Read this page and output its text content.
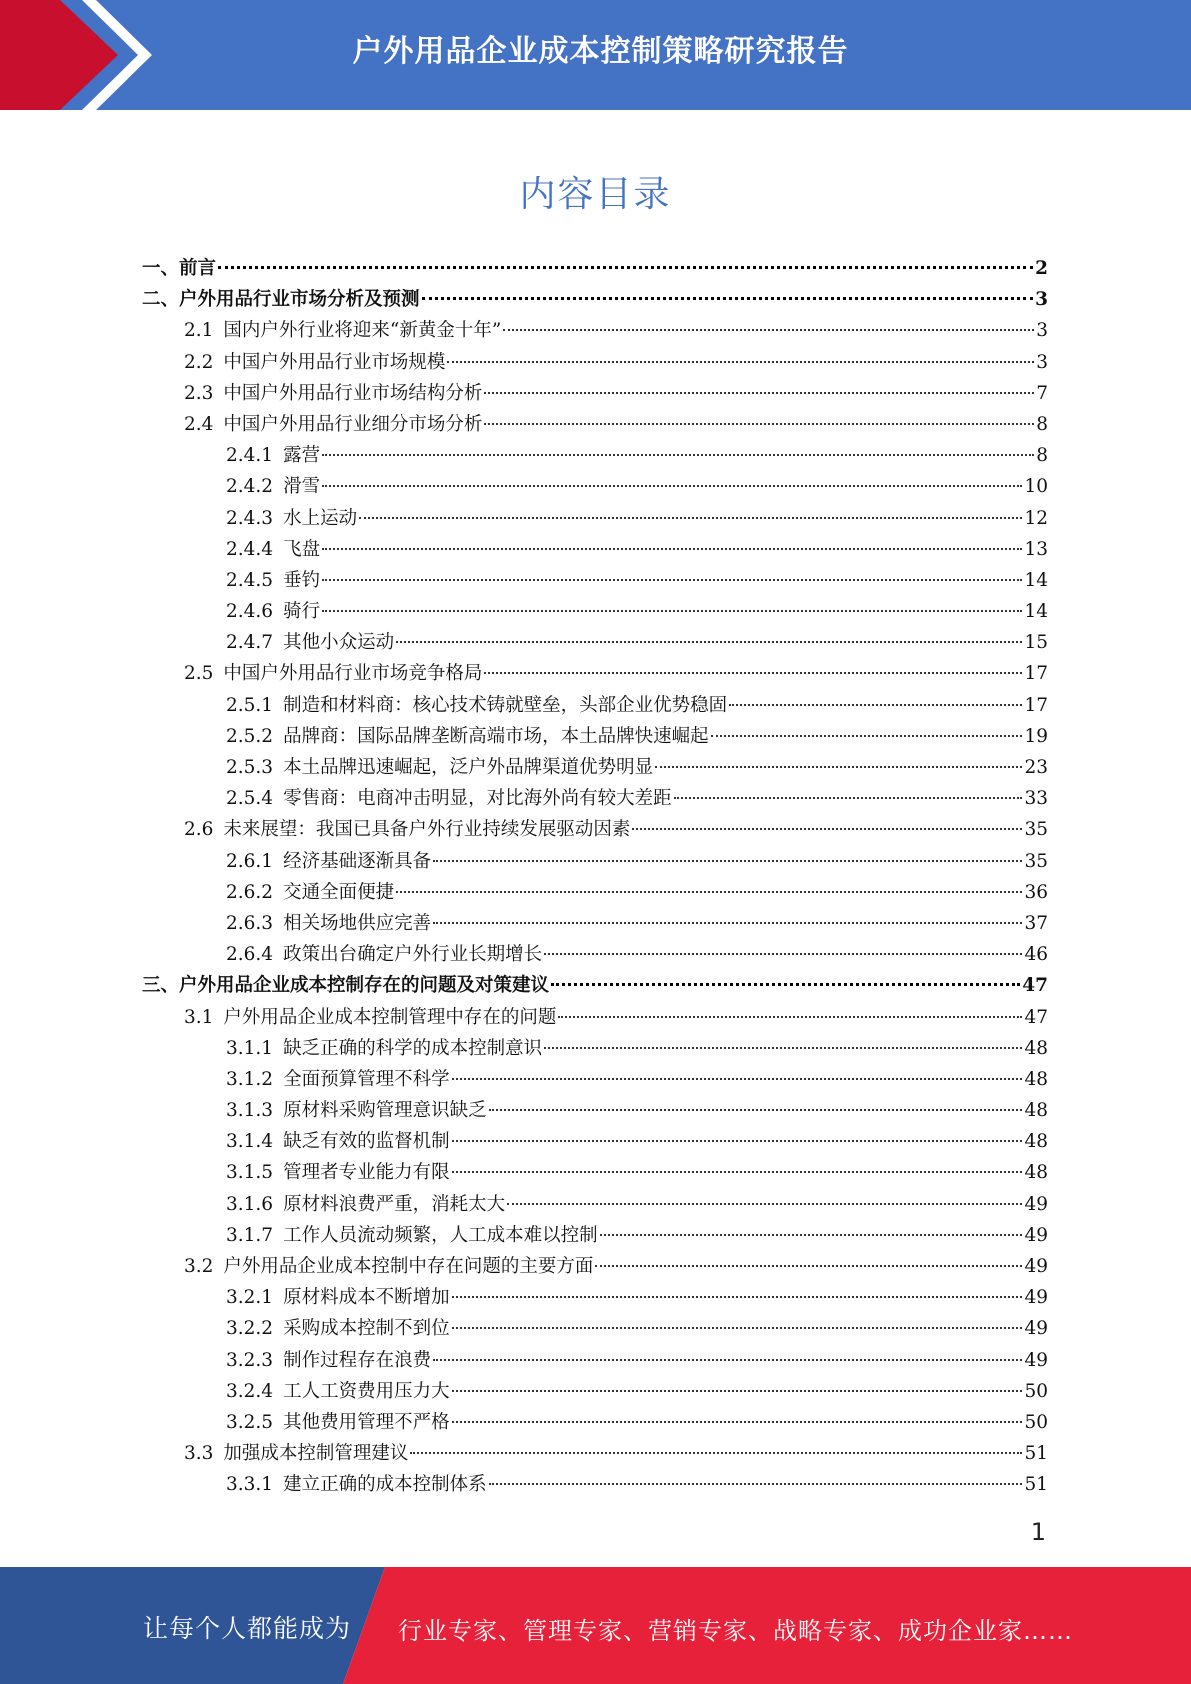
户外用品企业成本控制策略研究报告
内容目录
一、前言	2
二、户外用品行业市场分析及预测	3
2.1 国内户外行业将迎来“新黄金十年”	3
2.2 中国户外用品行业市场规模	3
2.3 中国户外用品行业市场结构分析	7
2.4 中国户外用品行业细分市场分析	8
2.4.1 露营	8
2.4.2 滑雪	10
2.4.3 水上运动	12
2.4.4 飞盘	13
2.4.5 垂钓	14
2.4.6 骑行	14
2.4.7 其他小众运动	15
2.5 中国户外用品行业市场竞争格局	17
2.5.1 制造和材料商：核心技术铸就壁垒，头部企业优势稳固	17
2.5.2 品牌商：国际品牌垄断高端市场，本土品牌快速崛起	19
2.5.3 本土品牌迅速崛起，泛户外品牌渠道优势明显	23
2.5.4 零售商：电商冲击明显，对比海外尚有较大差距	33
2.6 未来展望：我国已具备户外行业持续发展驱动因素	35
2.6.1 经济基础逐渐具备	35
2.6.2 交通全面便捷	36
2.6.3 相关场地供应完善	37
2.6.4 政策出台确定户外行业长期增长	46
三、户外用品企业成本控制存在的问题及对策建议	47
3.1 户外用品企业成本控制管理中存在的问题	47
3.1.1 缺乏正确的科学的成本控制意识	48
3.1.2 全面预算管理不科学	48
3.1.3 原材料采购管理意识缺乏	48
3.1.4 缺乏有效的监督机制	48
3.1.5 管理者专业能力有限	48
3.1.6 原材料浪费严重，消耗太大	49
3.1.7 工作人员流动频繁，人工成本难以控制	49
3.2 户外用品企业成本控制中存在问题的主要方面	49
3.2.1 原材料成本不断增加	49
3.2.2 采购成本控制不到位	49
3.2.3 制作过程存在浪费	49
3.2.4 工人工资费用压力大	50
3.2.5 其他费用管理不严格	50
3.3 加强成本控制管理建议	51
3.3.1 建立正确的成本控制体系	51
1
让每个人都能成为 行业专家、管理专家、营销专家、战略专家、成功企业家……
